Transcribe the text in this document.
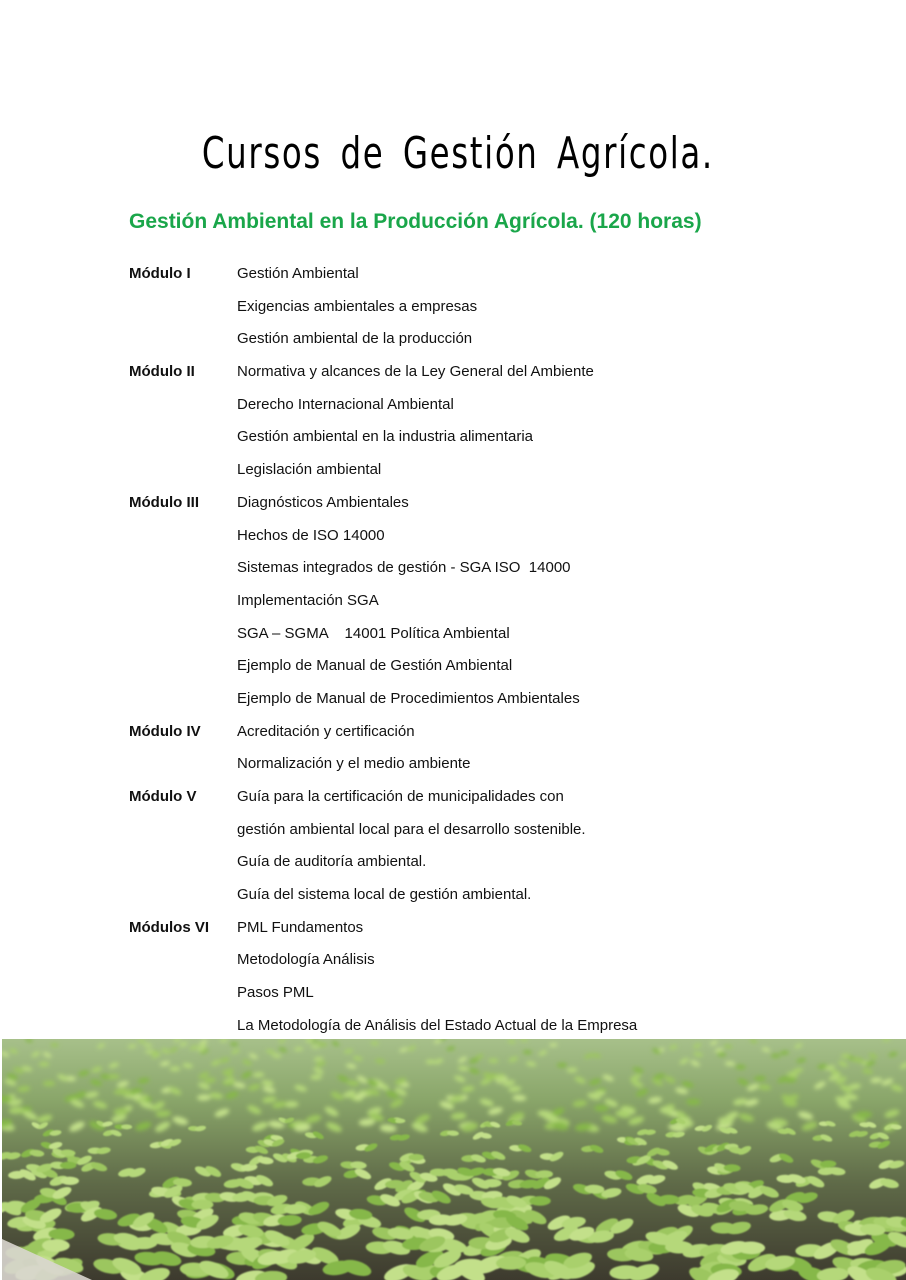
Cursos de Gestión Agrícola.
Gestión Ambiental en la Producción Agrícola. (120 horas)
Módulo I	Gestión Ambiental
Exigencias ambientales a empresas
Gestión ambiental de la producción
Módulo II	Normativa y alcances de la Ley General del Ambiente
Derecho Internacional Ambiental
Gestión ambiental en la industria alimentaria
Legislación ambiental
Módulo III	Diagnósticos Ambientales
Hechos de ISO 14000
Sistemas integrados de gestión - SGA ISO  14000
Implementación SGA
SGA – SGMA    14001 Política Ambiental
Ejemplo de Manual de Gestión Ambiental
Ejemplo de Manual de Procedimientos Ambientales
Módulo IV	Acreditación y certificación
Normalización y el medio ambiente
Módulo V	Guía para la certificación de municipalidades con
gestión ambiental local para el desarrollo sostenible.
Guía de auditoría ambiental.
Guía del sistema local de gestión ambiental.
Módulos VI	PML Fundamentos
Metodología Análisis
Pasos PML
La Metodología de Análisis del Estado Actual de la Empresa
